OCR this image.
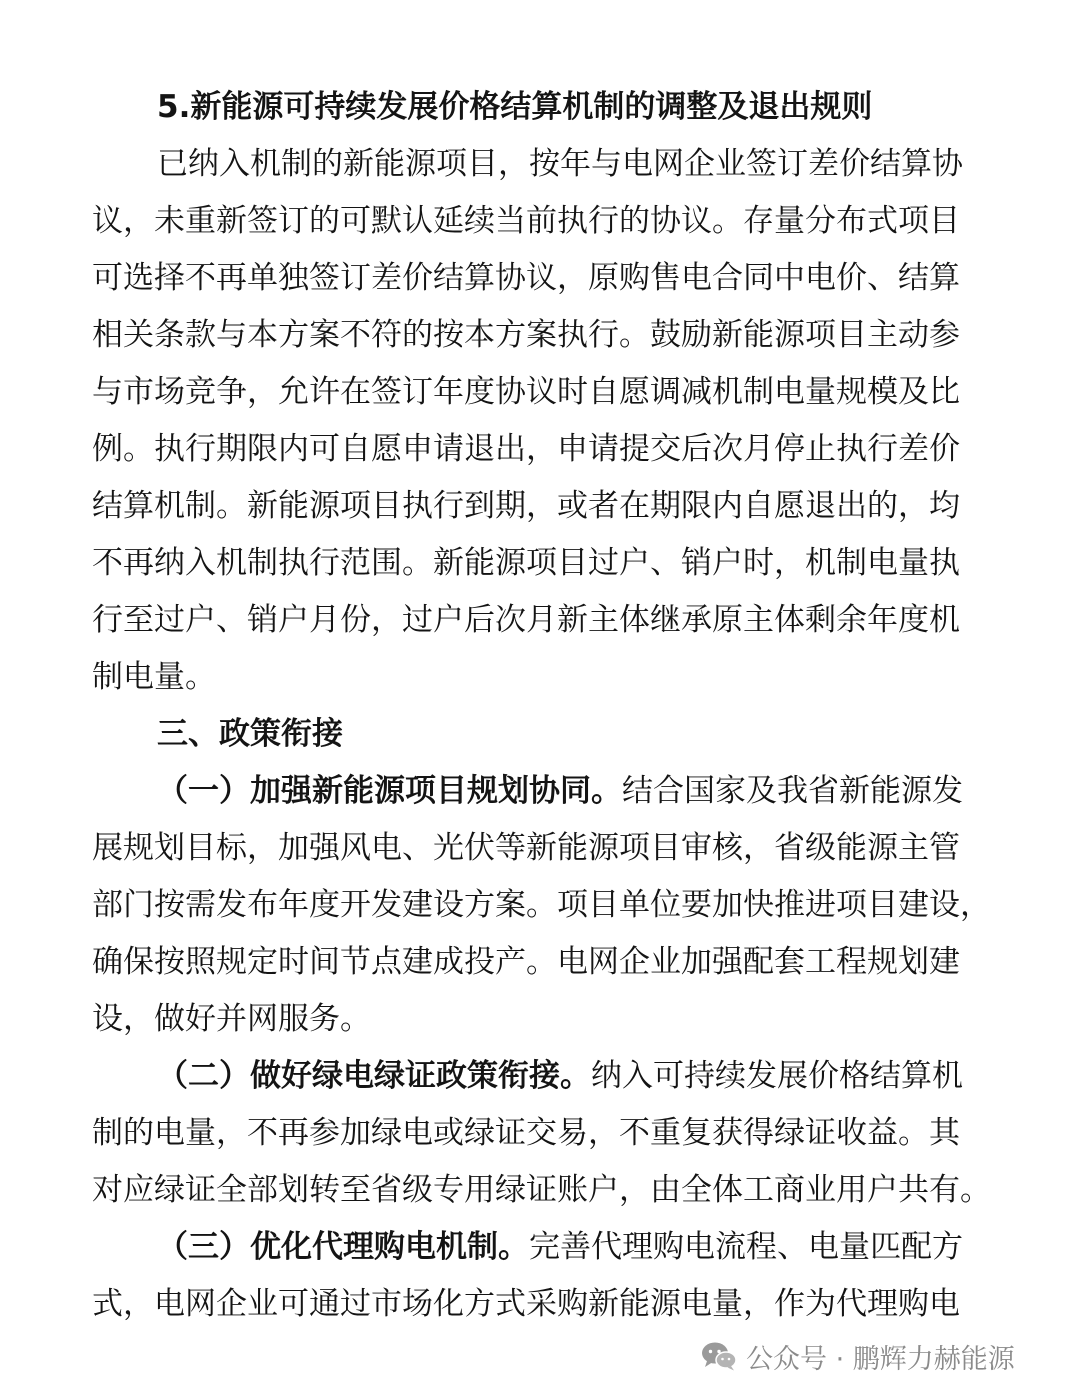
5.新能源可持续发展价格结算机制的调整及退出规则
已纳入机制的新能源项目，按年与电网企业签订差价结算协
议，未重新签订的可默认延续当前执行的协议。存量分布式项目
可选择不再单独签订差价结算协议，原购售电合同中电价、结算
相关条款与本方案不符的按本方案执行。鼓励新能源项目主动参
与市场竞争，允许在签订年度协议时自愿调减机制电量规模及比
例。执行期限内可自愿申请退出，申请提交后次月停止执行差价
结算机制。新能源项目执行到期，或者在期限内自愿退出的，均
不再纳入机制执行范围。新能源项目过户、销户时，机制电量执
行至过户、销户月份，过户后次月新主体继承原主体剩余年度机
制电量。
三、政策衔接
（一）加强新能源项目规划协同。结合国家及我省新能源发
展规划目标，加强风电、光伏等新能源项目审核，省级能源主管
部门按需发布年度开发建设方案。项目单位要加快推进项目建设，
确保按照规定时间节点建成投产。电网企业加强配套工程规划建
设，做好并网服务。
（二）做好绿电绿证政策衔接。纳入可持续发展价格结算机
制的电量，不再参加绿电或绿证交易，不重复获得绿证收益。其
对应绿证全部划转至省级专用绿证账户，由全体工商业用户共有。
（三）优化代理购电机制。完善代理购电流程、电量匹配方
式，电网企业可通过市场化方式采购新能源电量，作为代理购电
公众号 · 鹏辉力赫能源
